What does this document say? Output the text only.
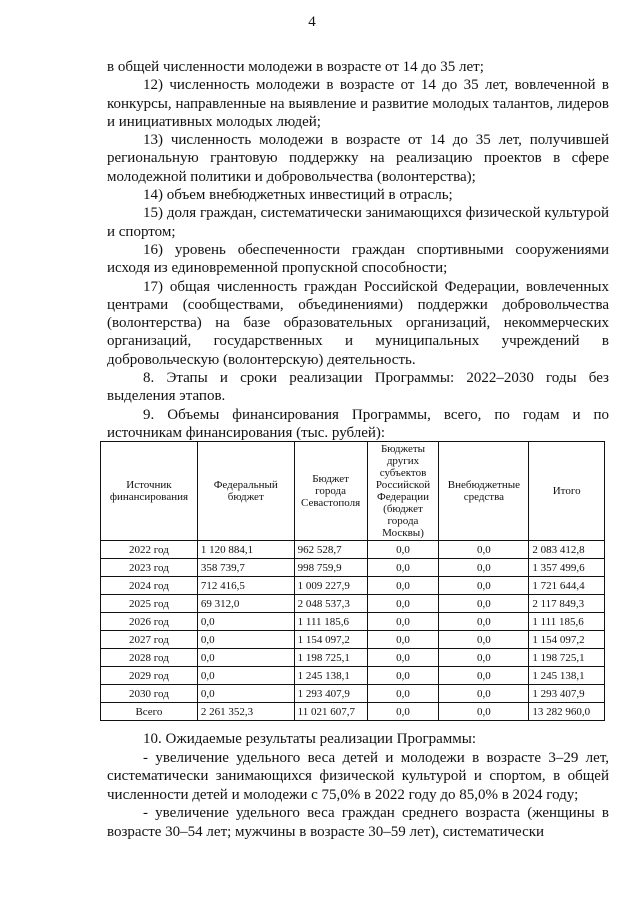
4

в общей численности молодежи в возрасте от 14 до 35 лет;

12) численность молодежи в возрасте от 14 до 35 лет, вовлеченной в конкурсы, направленные на выявление и развитие молодых талантов, лидеров и инициативных молодых людей;

13) численность молодежи в возрасте от 14 до 35 лет, получившей региональную грантовую поддержку на реализацию проектов в сфере молодежной политики и добровольчества (волонтерства);

14) объем внебюджетных инвестиций в отрасль;

15) доля граждан, систематически занимающихся физической культурой и спортом;

16) уровень обеспеченности граждан спортивными сооружениями исходя из единовременной пропускной способности;

17) общая численность граждан Российской Федерации, вовлеченных центрами (сообществами, объединениями) поддержки добровольчества (волонтерства) на базе образовательных организаций, некоммерческих организаций, государственных и муниципальных учреждений в добровольческую (волонтерскую) деятельность.

8. Этапы и сроки реализации Программы: 2022–2030 годы без выделения этапов.

9. Объемы финансирования Программы, всего, по годам и по источникам финансирования (тыс. рублей):

Источник финансирования	Федеральный бюджет	Бюджет города Севастополя	Бюджеты других субъектов Российской Федерации (бюджет города Москвы)	Внебюджетные средства	Итого
2022 год	1 120 884,1	962 528,7	0,0	0,0	2 083 412,8
2023 год	358 739,7	998 759,9	0,0	0,0	1 357 499,6
2024 год	712 416,5	1 009 227,9	0,0	0,0	1 721 644,4
2025 год	69 312,0	2 048 537,3	0,0	0,0	2 117 849,3
2026 год	0,0	1 111 185,6	0,0	0,0	1 111 185,6
2027 год	0,0	1 154 097,2	0,0	0,0	1 154 097,2
2028 год	0,0	1 198 725,1	0,0	0,0	1 198 725,1
2029 год	0,0	1 245 138,1	0,0	0,0	1 245 138,1
2030 год	0,0	1 293 407,9	0,0	0,0	1 293 407,9
Всего	2 261 352,3	11 021 607,7	0,0	0,0	13 282 960,0

10. Ожидаемые результаты реализации Программы:

- увеличение удельного веса детей и молодежи в возрасте 3–29 лет, систематически занимающихся физической культурой и спортом, в общей численности детей и молодежи с 75,0% в 2022 году до 85,0% в 2024 году;

- увеличение удельного веса граждан среднего возраста (женщины в возрасте 30–54 лет; мужчины в возрасте 30–59 лет), систематически
